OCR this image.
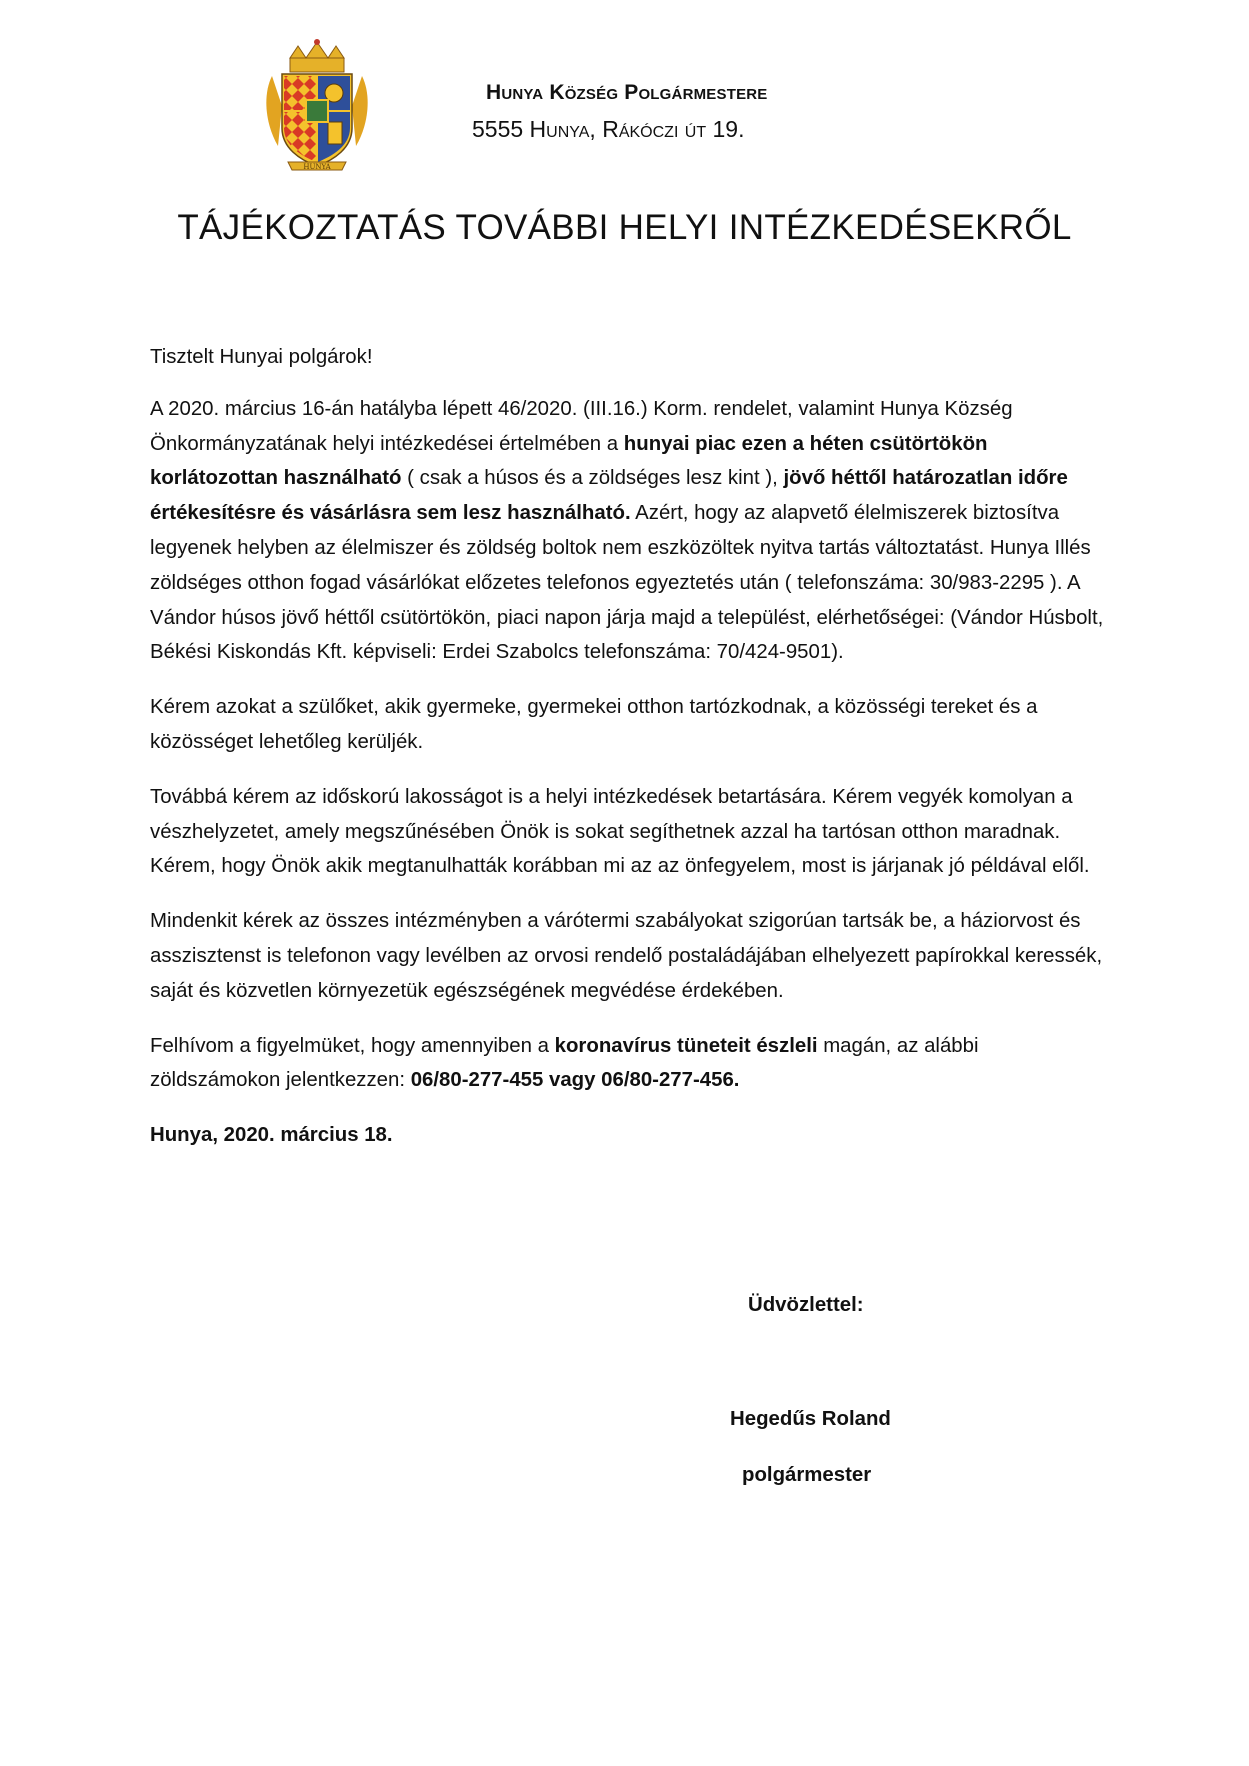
HUNYA
Hunya Község Polgármestere
5555 Hunya, Rákóczi út 19.
TÁJÉKOZTATÁS TOVÁBBI HELYI INTÉZKEDÉSEKRŐL

Tisztelt Hunyai polgárok!

A 2020. március 16-án hatályba lépett 46/2020. (III.16.) Korm. rendelet, valamint Hunya Község Önkormányzatának helyi intézkedései értelmében a hunyai piac ezen a héten csütörtökön korlátozottan használható ( csak a húsos és a zöldséges lesz kint ), jövő héttől határozatlan időre értékesítésre és vásárlásra sem lesz használható. Azért, hogy az alapvető élelmiszerek biztosítva legyenek helyben az élelmiszer és zöldség boltok nem eszközöltek nyitva tartás változtatást. Hunya Illés zöldséges otthon fogad vásárlókat előzetes telefonos egyeztetés után ( telefonszáma: 30/983-2295 ). A Vándor húsos jövő héttől csütörtökön, piaci napon járja majd a települést, elérhetőségei: (Vándor Húsbolt, Békési Kiskondás Kft. képviseli: Erdei Szabolcs telefonszáma: 70/424-9501).

Kérem azokat a szülőket, akik gyermeke, gyermekei otthon tartózkodnak, a közösségi tereket és a közösséget lehetőleg kerüljék.

Továbbá kérem az időskorú lakosságot is a helyi intézkedések betartására. Kérem vegyék komolyan a vészhelyzetet, amely megszűnésében Önök is sokat segíthetnek azzal ha tartósan otthon maradnak. Kérem, hogy Önök akik megtanulhatták korábban mi az az önfegyelem, most is járjanak jó példával elől.

Mindenkit kérek az összes intézményben a várótermi szabályokat szigorúan tartsák be, a háziorvost és asszisztenst is telefonon vagy levélben az orvosi rendelő postaládájában elhelyezett papírokkal keressék, saját és közvetlen környezetük egészségének megvédése érdekében.

Felhívom a figyelmüket, hogy amennyiben a koronavírus tüneteit észleli magán, az alábbi zöldszámokon jelentkezzen: 06/80-277-455 vagy 06/80-277-456.

Hunya, 2020. március 18.

Üdvözlettel:
Hegedűs Roland
polgármester
